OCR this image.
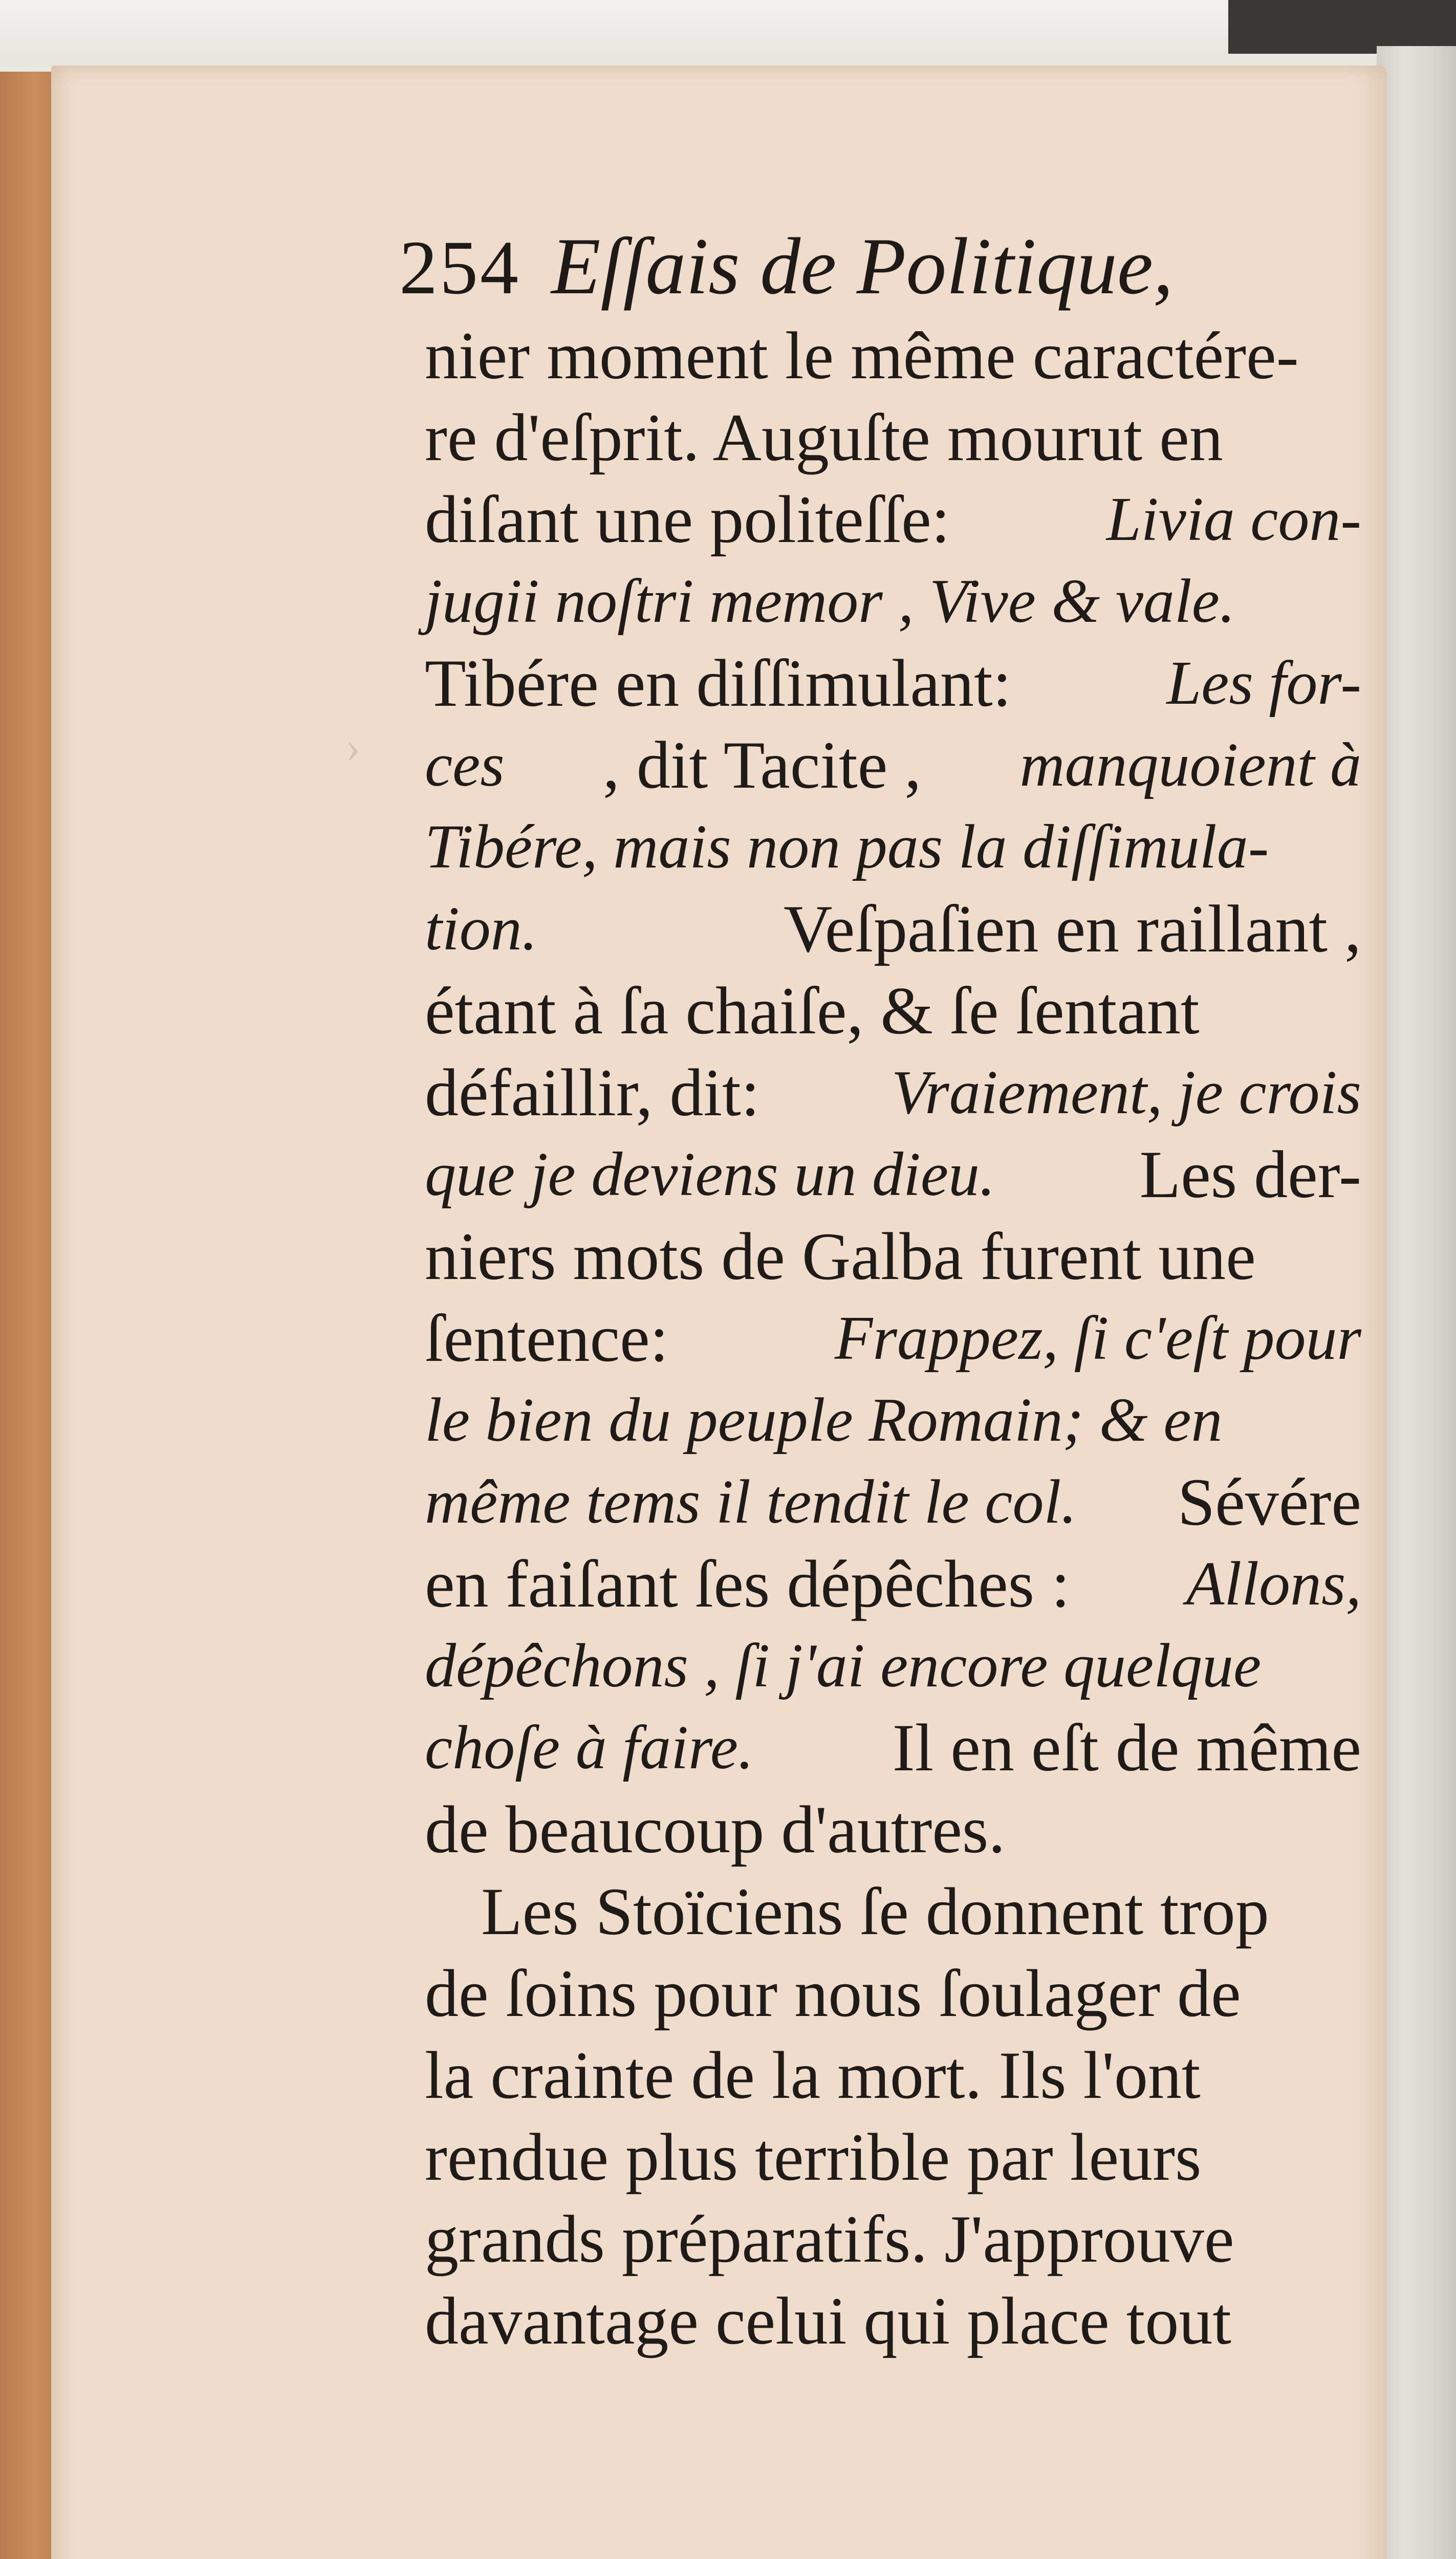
›
254 Eſſais de Politique,
nier moment le même caractére-
re d'eſprit. Auguſte mourut en
diſant une politeſſe:	Livia con-
jugii noſtri memor , Vive & vale.
Tibére en diſſimulant: Les for-
ces , dit Tacite , manquoient à
Tibére, mais non pas la diſſimula-
tion.	Veſpaſien en raillant ,
étant à ſa chaiſe, & ſe ſentant
défaillir, dit: Vraiement, je crois
que je deviens un dieu. Les der-
niers mots de Galba furent une
ſentence:	Frappez, ſi c'eſt pour
le bien du peuple Romain; & en
même tems il tendit le col. Sévére
en faiſant ſes dépêches : Allons,
dépêchons , ſi j'ai encore quelque
choſe à faire. Il en eſt de même
de beaucoup d'autres.
Les Stoïciens ſe donnent trop
de ſoins pour nous ſoulager de
la crainte de la mort. Ils l'ont
rendue plus terrible par leurs
grands préparatifs. J'approuve
davantage celui qui place tout
